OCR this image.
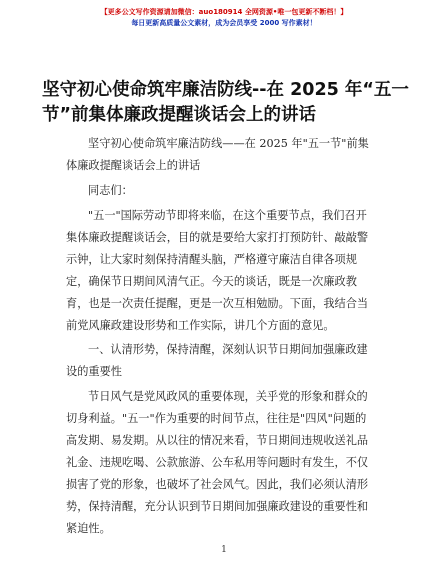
【更多公文写作资源请加微信：auo180914 全网资源•唯一包更新不断档！】
每日更新高质量公文素材，成为会员享受 2000 写作素材！
坚守初心使命筑牢廉洁防线--在 2025 年“五一
节”前集体廉政提醒谈话会上的讲话
坚守初心使命筑牢廉洁防线——在 2025 年"五一节"前集
体廉政提醒谈话会上的讲话
同志们：
"五一"国际劳动节即将来临，在这个重要节点，我们召开
集体廉政提醒谈话会，目的就是要给大家打打预防针、敲敲警
示钟，让大家时刻保持清醒头脑，严格遵守廉洁自律各项规
定，确保节日期间风清气正。今天的谈话，既是一次廉政教
育，也是一次责任提醒，更是一次互相勉励。下面，我结合当
前党风廉政建设形势和工作实际，讲几个方面的意见。
一、认清形势，保持清醒，深刻认识节日期间加强廉政建
设的重要性
节日风气是党风政风的重要体现，关乎党的形象和群众的
切身利益。"五一"作为重要的时间节点，往往是"四风"问题的
高发期、易发期。从以往的情况来看，节日期间违规收送礼品
礼金、违规吃喝、公款旅游、公车私用等问题时有发生，不仅
损害了党的形象，也破坏了社会风气。因此，我们必须认清形
势，保持清醒，充分认识到节日期间加强廉政建设的重要性和
紧迫性。
1
